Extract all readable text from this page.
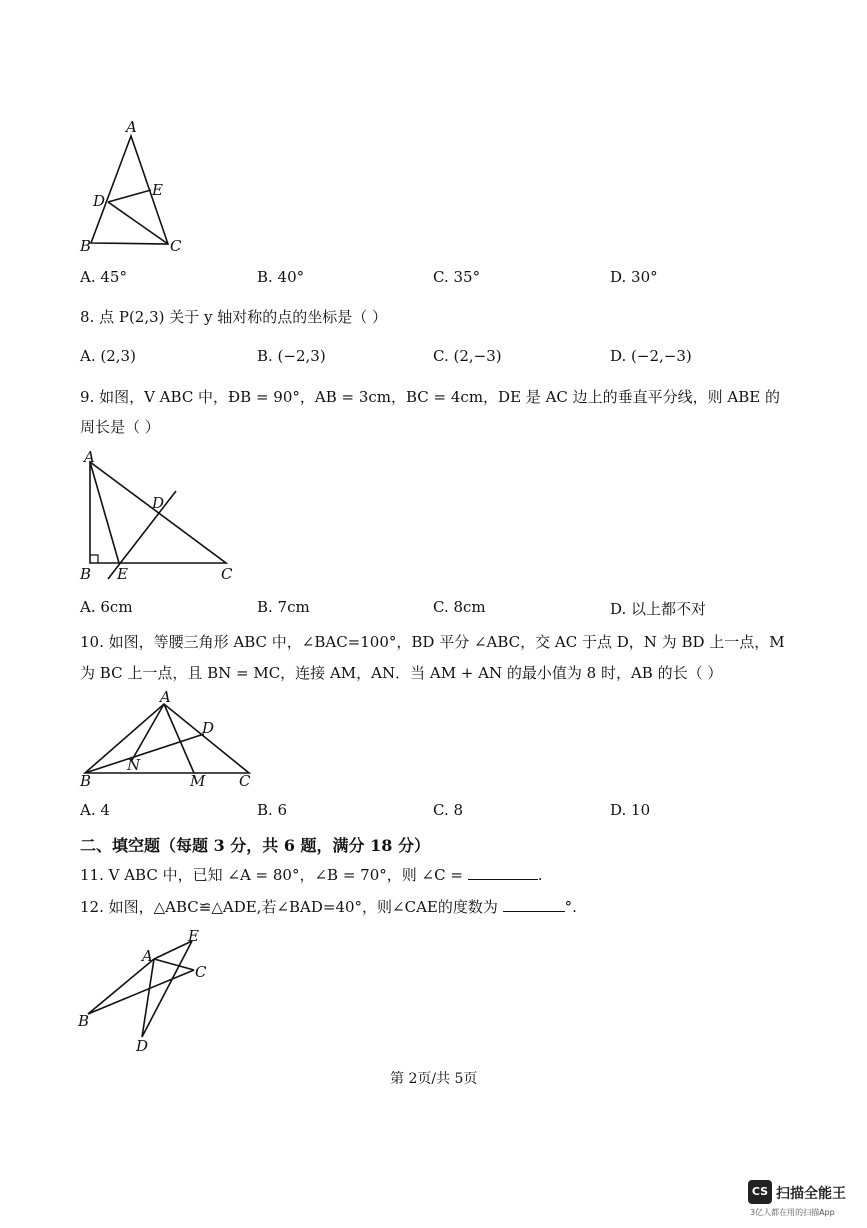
A
B	C
D
E
A. 45°	B. 40°	C. 35°	D. 30°
8. 点 P(2,3) 关于 y 轴对称的点的坐标是（ ）
A. (2,3)	B. (−2,3)	C. (2,−3)	D. (−2,−3)
9. 如图，V ABC 中，ÐB = 90°，AB = 3cm，BC = 4cm，DE 是 AC 边上的垂直平分线，则 ABE 的
周长是（ ）
A
B E	C
D
A. 6cm	B. 7cm	C. 8cm	D. 以上都不对
10. 如图，等腰三角形 ABC 中，∠BAC=100°，BD 平分 ∠ABC，交 AC 于点 D，N 为 BD 上一点，M
为 BC 上一点，且 BN = MC，连接 AM，AN．当 AM + AN 的最小值为 8 时，AB 的长（ ）
A
B	C
D
N
M
A. 4	B. 6	C. 8	D. 10
二、填空题（每题 3 分，共 6 题，满分 18 分）
11. V ABC 中，已知 ∠A = 80°，∠B = 70°，则 ∠C =	.
12. 如图，△ABC≌△ADE,若∠BAD=40°，则∠CAE的度数为	°.
A
B
C
D
E
第 2页/共 5页
CS 扫描全能王
3亿人都在用的扫描App
